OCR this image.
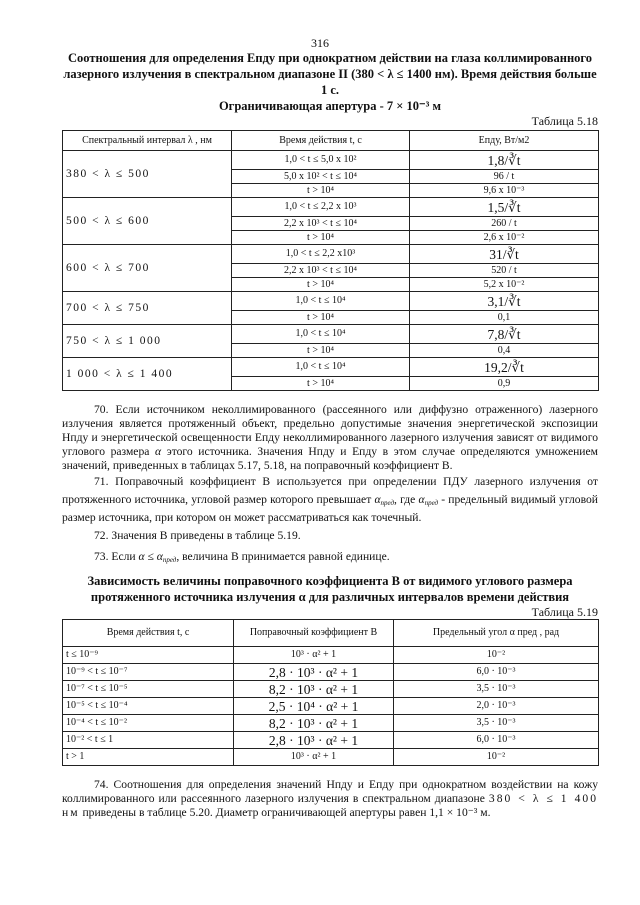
316
Соотношения для определения Eпду при однократном действии на глаза коллимированного
лазерного излучения в спектральном диапазоне II (380 < λ ≤ 1400 нм). Время действия больше 1 с.
Ограничивающая апертура - 7 × 10⁻³ м
Таблица 5.18
Спектральный интервал λ , нм	Время действия t, с	Eпду, Вт/м2
380 < λ ≤ 500	1,0 < t ≤ 5,0 x 10²	1,8/∛t
	5,0 x 10² < t ≤ 10⁴	96 / t
	t > 10⁴	9,6 x 10⁻³
500 < λ ≤ 600	1,0 < t ≤ 2,2 x 10³	1,5/∛t
	2,2 x 10³ < t ≤ 10⁴	260 / t
	t > 10⁴	2,6 x 10⁻²
600 < λ ≤ 700	1,0 < t ≤ 2,2 x10³	31/∛t
	2,2 x 10³ < t ≤ 10⁴	520 / t
	t > 10⁴	5,2 x 10⁻²
700 < λ ≤ 750	1,0 < t ≤ 10⁴	3,1/∛t
	t > 10⁴	0,1
750 < λ ≤ 1 000	1,0 < t ≤ 10⁴	7,8/∛t
	t > 10⁴	0,4
1 000 < λ ≤ 1 400	1,0 < t ≤ 10⁴	19,2/∛t
	t > 10⁴	0,9
70. Если источником неколлимированного (рассеянного или диффузно отраженного) лазерного излучения является протяженный объект, предельно допустимые значения энергетической экспозиции Нпду и энергетической освещенности Епду неколлимированного лазерного излучения зависят от видимого углового размера α этого источника. Значения Нпду и Епду в этом случае определяются умножением значений, приведенных в таблицах 5.17, 5.18, на поправочный коэффициент B.
71. Поправочный коэффициент B используется при определении ПДУ лазерного излучения от протяженного источника, угловой размер которого превышает $\alpha_{пред}$, где $\alpha_{пред}$ - предельный видимый угловой размер источника, при котором он может рассматриваться как точечный.
72. Значения B приведены в таблице 5.19.
73. Если $\alpha \le \alpha_{пред}$, величина B принимается равной единице.
Зависимость величины поправочного коэффициента B от видимого углового размера
протяженного источника излучения α для различных интервалов времени действия
Таблица 5.19
Время действия t, с	Поправочный коэффициент B	Предельный угол α пред , рад
t ≤ 10⁻⁹	10³ · α² + 1	10⁻²
10⁻⁹ < t ≤ 10⁻⁷	2,8 · 10³ · α² + 1	6,0 · 10⁻³
10⁻⁷ < t ≤ 10⁻⁵	8,2 · 10³ · α² + 1	3,5 · 10⁻³
10⁻⁵ < t ≤ 10⁻⁴	2,5 · 10⁴ · α² + 1	2,0 · 10⁻³
10⁻⁴ < t ≤ 10⁻²	8,2 · 10³ · α² + 1	3,5 · 10⁻³
10⁻² < t ≤ 1	2,8 · 10³ · α² + 1	6,0 · 10⁻³
t > 1	10³ · α² + 1	10⁻²
74. Соотношения для определения значений Нпду и Епду при однократном воздействии на кожу коллимированного или рассеянного лазерного излучения в спектральном диапазоне 380 < λ ≤ 1 400 нм приведены в таблице 5.20. Диаметр ограничивающей апертуры равен 1,1 × 10⁻³ м.
